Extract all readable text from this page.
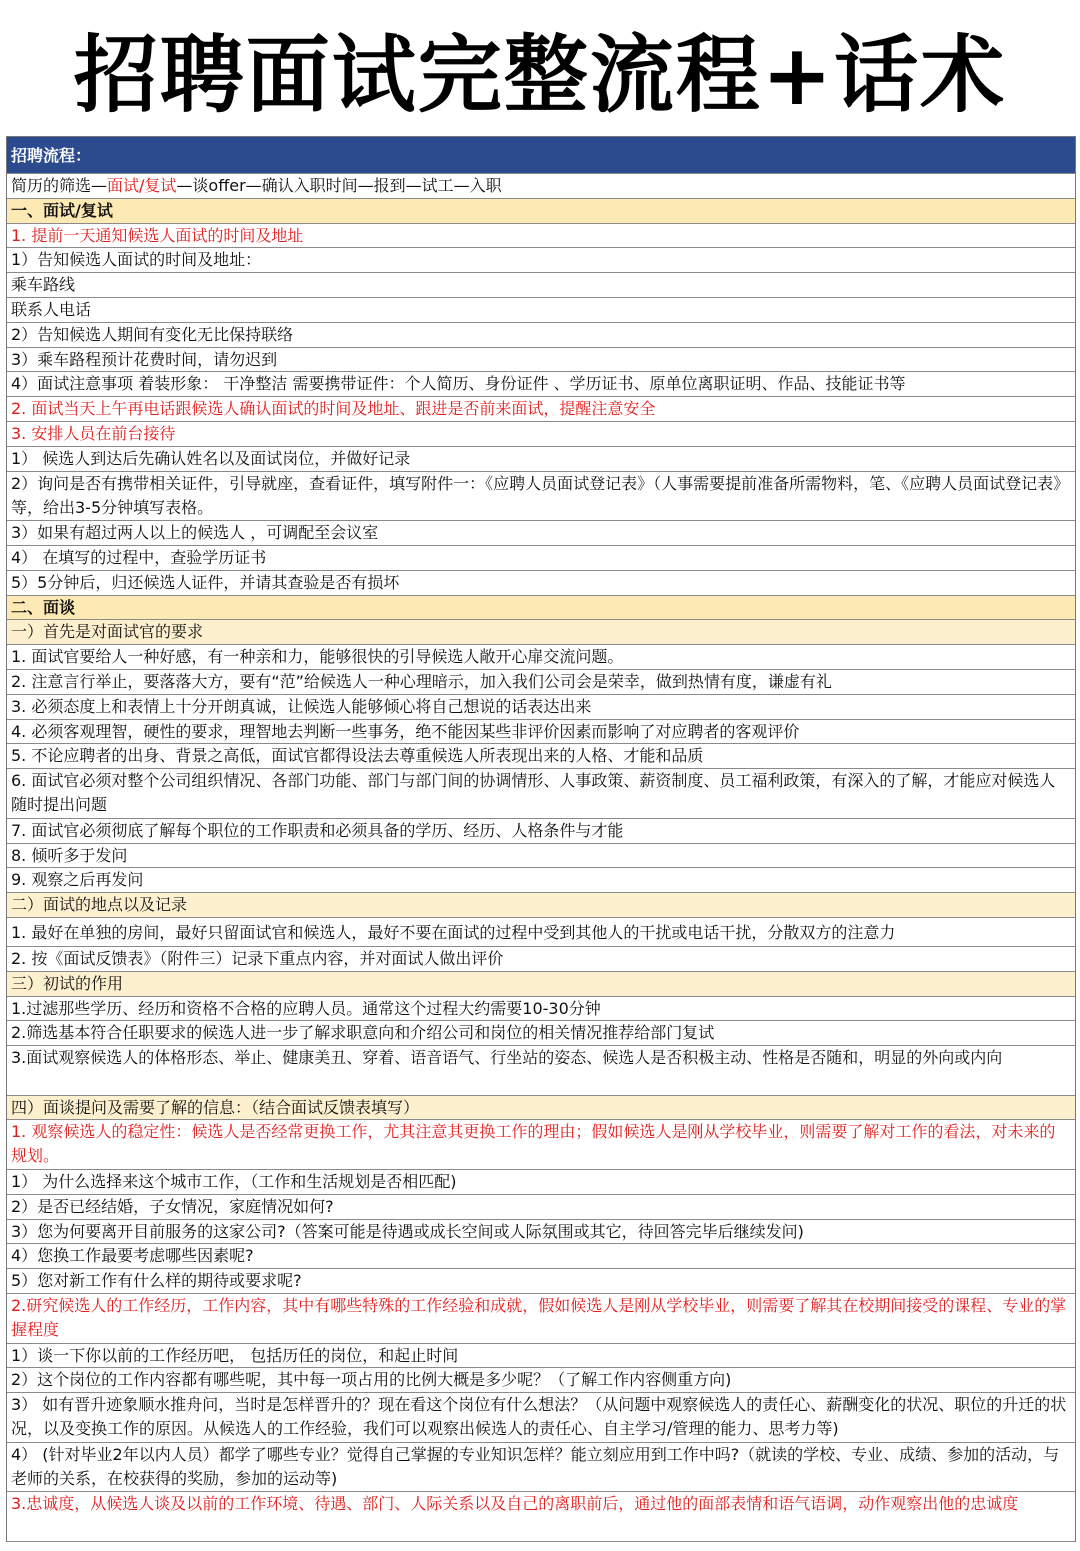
招聘面试完整流程+话术
招聘流程：
简历的筛选—面试/复试—谈offer—确认入职时间—报到—试工—入职
一、面试/复试
1. 提前一天通知候选人面试的时间及地址
1）告知候选人面试的时间及地址：
乘车路线
联系人电话
2）告知候选人期间有变化无比保持联络
3）乘车路程预计花费时间，请勿迟到
4）面试注意事项 着装形象： 干净整洁 需要携带证件：个人简历、身份证件 、学历证书、原单位离职证明、作品、技能证书等
2. 面试当天上午再电话跟候选人确认面试的时间及地址、跟进是否前来面试，提醒注意安全
3. 安排人员在前台接待
1） 候选人到达后先确认姓名以及面试岗位，并做好记录
2）询问是否有携带相关证件，引导就座，查看证件，填写附件一：《应聘人员面试登记表》（人事需要提前准备所需物料，笔、《应聘人员面试登记表》等，给出3-5分钟填写表格。
3）如果有超过两人以上的候选人 ，可调配至会议室
4） 在填写的过程中，查验学历证书
5）5分钟后，归还候选人证件，并请其查验是否有损坏
二、面谈
一）首先是对面试官的要求
1. 面试官要给人一种好感，有一种亲和力，能够很快的引导候选人敞开心扉交流问题。
2. 注意言行举止，要落落大方，要有“范”给候选人一种心理暗示，加入我们公司会是荣幸，做到热情有度，谦虚有礼
3. 必须态度上和表情上十分开朗真诚，让候选人能够倾心将自己想说的话表达出来
4. 必须客观理智，硬性的要求，理智地去判断一些事务，绝不能因某些非评价因素而影响了对应聘者的客观评价
5. 不论应聘者的出身、背景之高低，面试官都得设法去尊重候选人所表现出来的人格、才能和品质
6. 面试官必须对整个公司组织情况、各部门功能、部门与部门间的协调情形、人事政策、薪资制度、员工福利政策，有深入的了解，才能应对候选人随时提出问题
7. 面试官必须彻底了解每个职位的工作职责和必须具备的学历、经历、人格条件与才能
8. 倾听多于发问
9. 观察之后再发问
二）面试的地点以及记录
1. 最好在单独的房间，最好只留面试官和候选人，最好不要在面试的过程中受到其他人的干扰或电话干扰，分散双方的注意力
2. 按《面试反馈表》（附件三）记录下重点内容，并对面试人做出评价
三）初试的作用
1.过滤那些学历、经历和资格不合格的应聘人员。通常这个过程大约需要10-30分钟
2.筛选基本符合任职要求的候选人进一步了解求职意向和介绍公司和岗位的相关情况推荐给部门复试
3.面试观察候选人的体格形态、举止、健康美丑、穿着、语音语气、行坐站的姿态、候选人是否积极主动、性格是否随和，明显的外向或内向
四）面谈提问及需要了解的信息：（结合面试反馈表填写）
1. 观察候选人的稳定性：候选人是否经常更换工作，尤其注意其更换工作的理由；假如候选人是刚从学校毕业，则需要了解对工作的看法，对未来的规划。
1） 为什么选择来这个城市工作，（工作和生活规划是否相匹配)
2）是否已经结婚，子女情况，家庭情况如何?
3）您为何要离开目前服务的这家公司?（答案可能是待遇或成长空间或人际氛围或其它，待回答完毕后继续发问)
4）您换工作最要考虑哪些因素呢?
5）您对新工作有什么样的期待或要求呢?
2.研究候选人的工作经历，工作内容，其中有哪些特殊的工作经验和成就，假如候选人是刚从学校毕业，则需要了解其在校期间接受的课程、专业的掌握程度
1）谈一下你以前的工作经历吧， 包括历任的岗位，和起止时间
2）这个岗位的工作内容都有哪些呢，其中每一项占用的比例大概是多少呢？（了解工作内容侧重方向)
3） 如有晋升迹象顺水推舟问，当时是怎样晋升的？现在看这个岗位有什么想法？（从问题中观察候选人的责任心、薪酬变化的状况、职位的升迁的状况，以及变换工作的原因。从候选人的工作经验，我们可以观察出候选人的责任心、自主学习/管理的能力、思考力等)
4） (针对毕业2年以内人员）都学了哪些专业？觉得自己掌握的专业知识怎样？能立刻应用到工作中吗?（就读的学校、专业、成绩、参加的活动，与老师的关系，在校获得的奖励，参加的运动等)
3.忠诚度，从候选人谈及以前的工作环境、待遇、部门、人际关系以及自己的离职前后，通过他的面部表情和语气语调，动作观察出他的忠诚度
